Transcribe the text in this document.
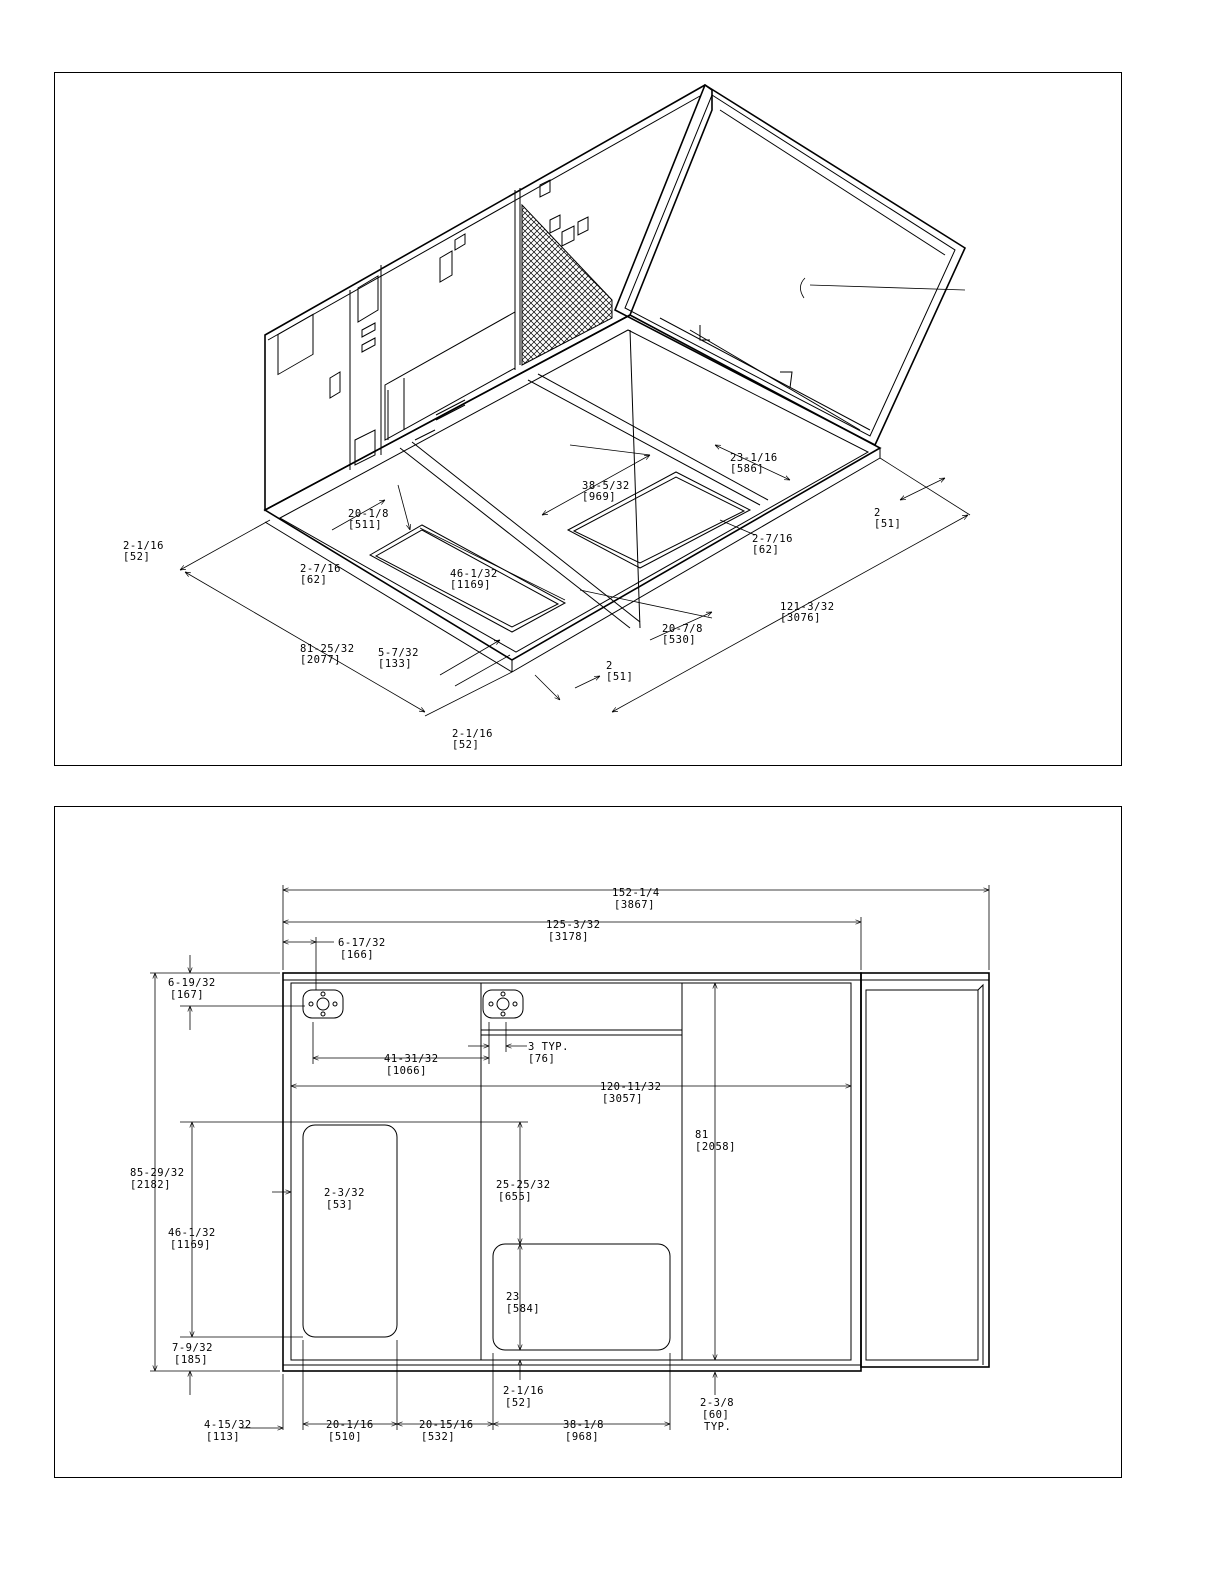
2-1/16 [52]
20-1/8 [511]
2-7/16 [62]	46-1/32 [1169]
38-5/32 [969]
23-1/16 [586]
2 [51]
2-7/16 [62]
121-3/32 [3076]
20-7/8 [530]
81-25/32 [2077]
5-7/32 [133]	2 [51]
2-1/16 [52]
152-1/4 [3867]
125-3/32 [3178]
6-17/32 [166]
6-19/32 [167]
41-31/32 [1066]
3 TYP. [76]
120-11/32 [3057]
81 [2058]
85-29/32 [2182]
2-3/32 [53]
25-25/32 [655]
46-1/32 [1169]
23 [584]
7-9/32 [185]
2-1/16 [52]	2-3/8 [60] TYP.
4-15/32 [113]
20-1/16 [510]
20-15/16 [532]
38-1/8 [968]
